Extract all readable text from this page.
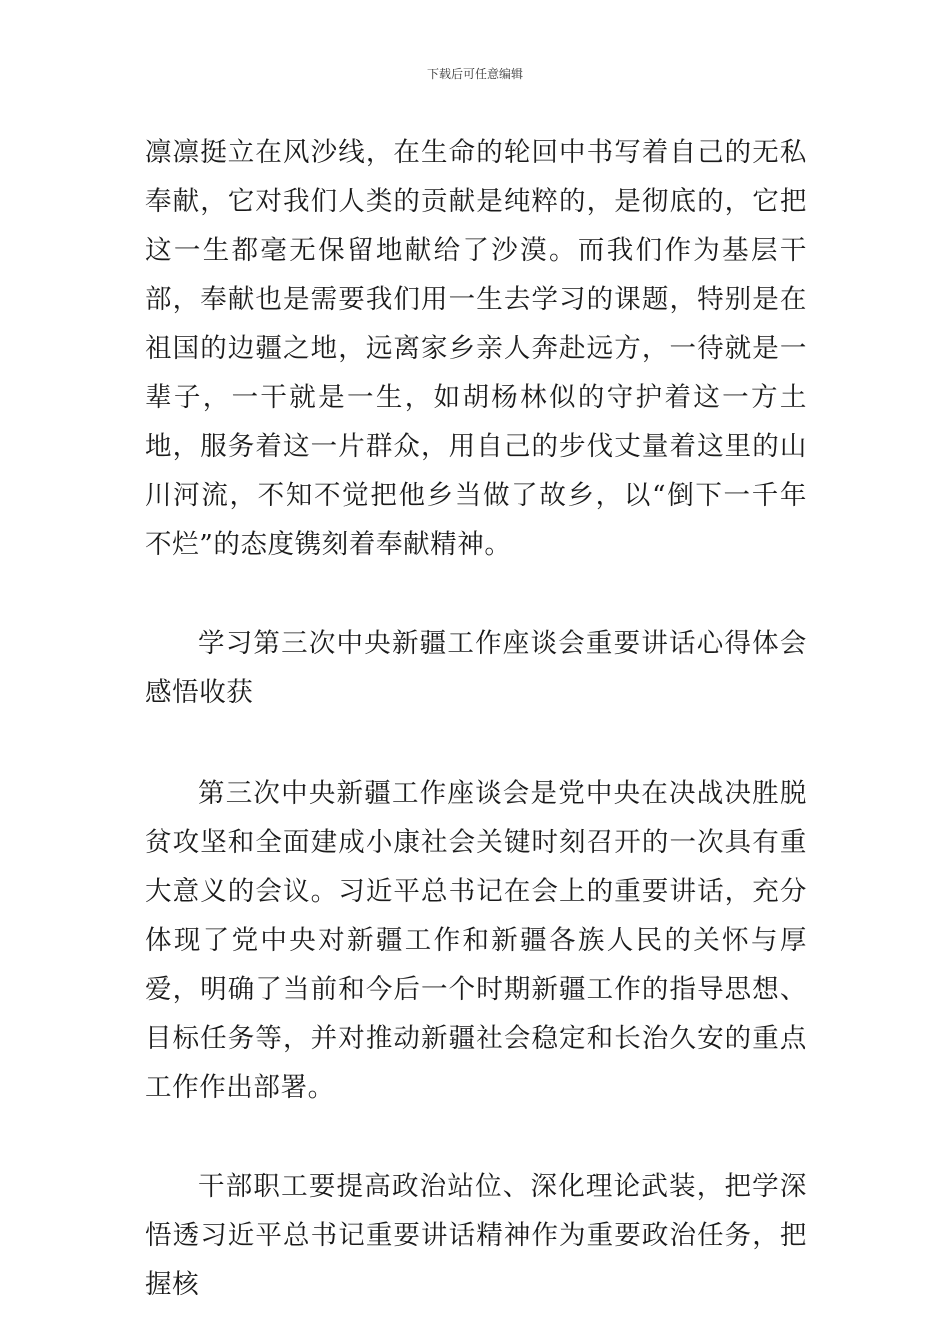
下载后可任意编辑

凛凛挺立在风沙线，在生命的轮回中书写着自己的无私奉献，它对我们人类的贡献是纯粹的，是彻底的，它把这一生都毫无保留地献给了沙漠。而我们作为基层干部，奉献也是需要我们用一生去学习的课题，特别是在祖国的边疆之地，远离家乡亲人奔赴远方，一待就是一辈子，一干就是一生，如胡杨林似的守护着这一方土地，服务着这一片群众，用自己的步伐丈量着这里的山川河流，不知不觉把他乡当做了故乡，以“倒下一千年不烂”的态度镌刻着奉献精神。

学习第三次中央新疆工作座谈会重要讲话心得体会感悟收获

第三次中央新疆工作座谈会是党中央在决战决胜脱贫攻坚和全面建成小康社会关键时刻召开的一次具有重大意义的会议。习近平总书记在会上的重要讲话，充分体现了党中央对新疆工作和新疆各族人民的关怀与厚爱，明确了当前和今后一个时期新疆工作的指导思想、目标任务等，并对推动新疆社会稳定和长治久安的重点工作作出部署。

干部职工要提高政治站位、深化理论武装，把学深悟透习近平总书记重要讲话精神作为重要政治任务，把握核
